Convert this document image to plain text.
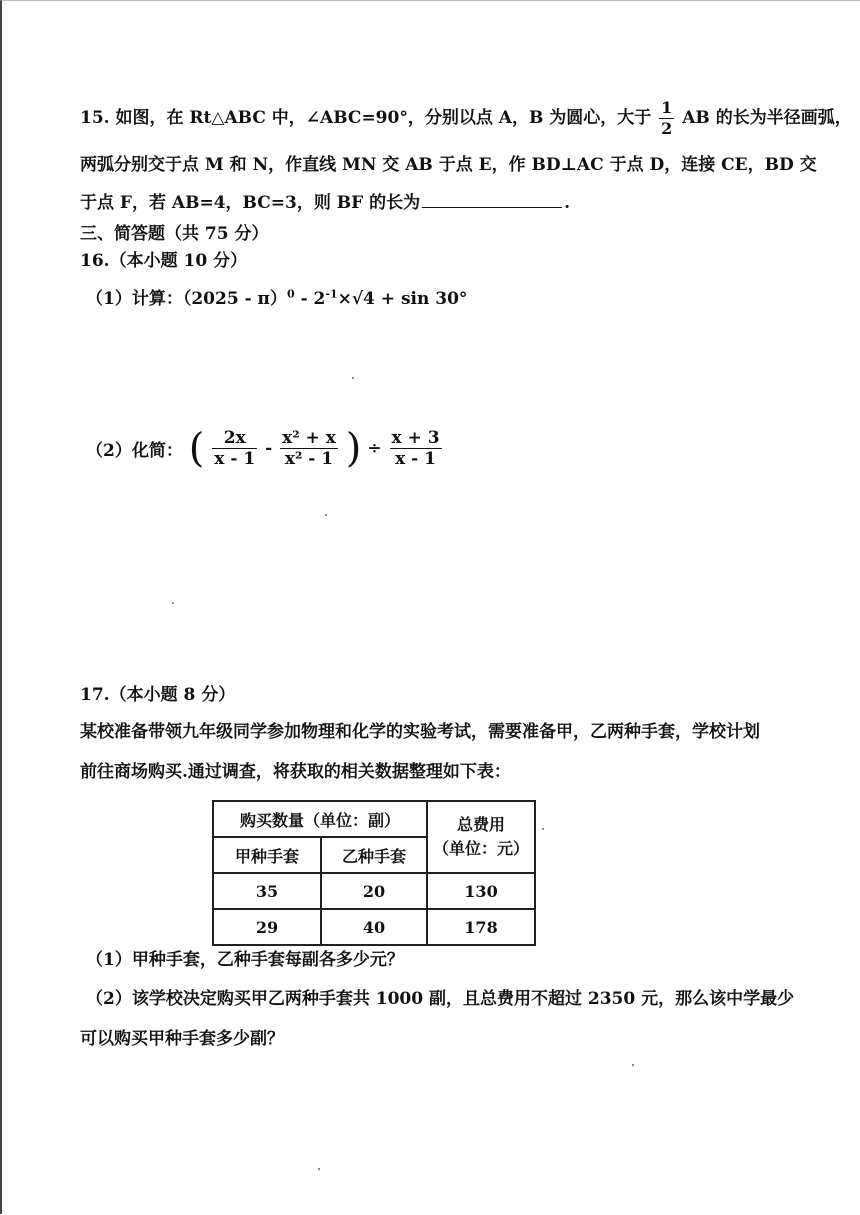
15. 如图，在 Rt△ABC 中，∠ABC=90°，分别以点 A，B 为圆心，大于 $\frac{1}{2}$ AB 的长为半径画弧，
两弧分别交于点 M 和 N，作直线 MN 交 AB 于点 E，作 BD⊥AC 于点 D，连接 CE，BD 交
于点 F，若 AB=4，BC=3，则 BF 的长为	.
三、简答题（共 75 分）
16.（本小题 10 分）
（1）计算：$(2025 - \pi)^0 - 2^{-1}\times√4 + \sin 30^\circ$
（2）化简： ( $\frac{2x}{x - 1} - \frac{\text{x² + x}}{\text{x² - 1}}$ ) ÷ $\frac{x + 3}{x - 1}$
17.（本小题 8 分）
某校准备带领九年级同学参加物理和化学的实验考试，需要准备甲，乙两种手套，学校计划
前往商场购买.通过调查，将获取的相关数据整理如下表：
购买数量（单位：副）		总费用
（单位：元）

甲种手套	乙种手套	
35	20	130
29	40	178
（1）甲种手套，乙种手套每副各多少元？
（2）该学校决定购买甲乙两种手套共 1000 副，且总费用不超过 2350 元，那么该中学最少
可以购买甲种手套多少副？
